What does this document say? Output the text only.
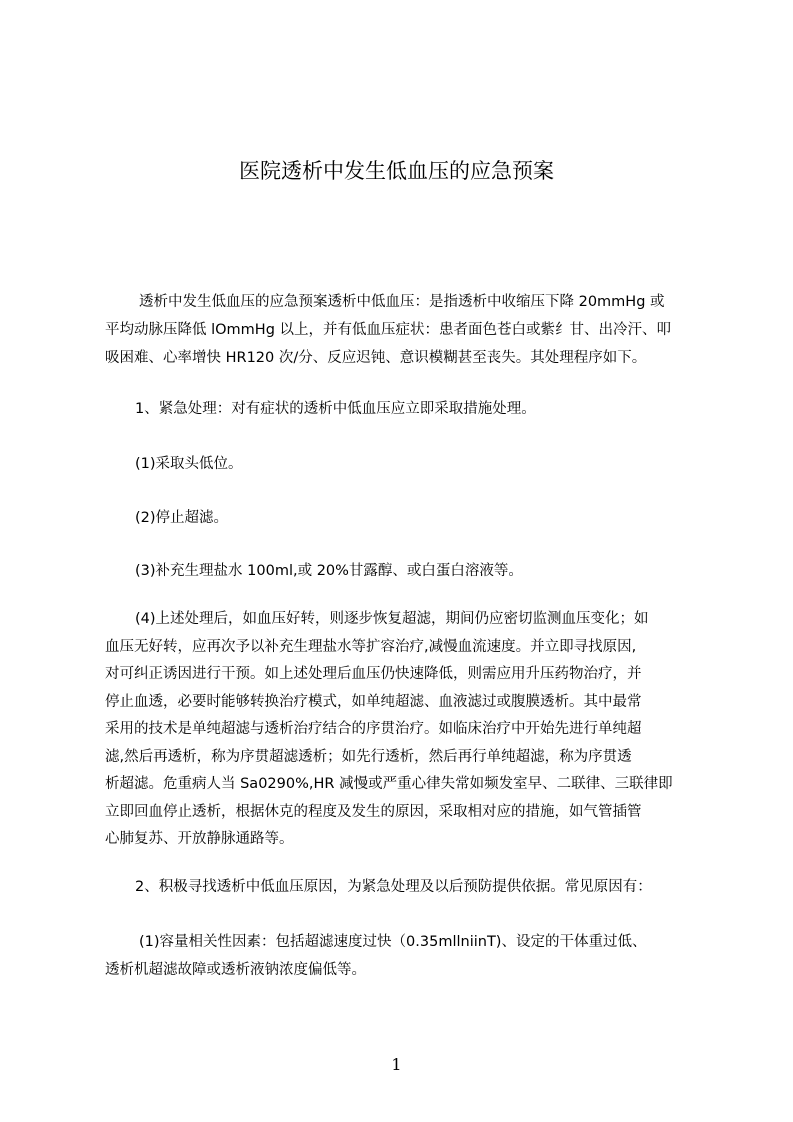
医院透析中发生低血压的应急预案
透析中发生低血压的应急预案透析中低血压：是指透析中收缩压下降 20mmHg 或
平均动脉压降低 lOmmHg 以上，并有低血压症状：患者面色苍白或紫纟甘、出冷汗、叩
吸困难、心率增快 HR120 次/分、反应迟钝、意识模糊甚至丧失。其处理程序如下。
1、紧急处理：对有症状的透析中低血压应立即采取措施处理。
(1)采取头低位。
(2)停止超滤。
(3)补充生理盐水 100ml,或 20%甘露醇、或白蛋白溶液等。
(4)上述处理后，如血压好转，则逐步恢复超滤，期间仍应密切监测血压变化；如
血压无好转，应再次予以补充生理盐水等扩容治疗,减慢血流速度。并立即寻找原因,
对可纠正诱因进行干预。如上述处理后血压仍快速降低，则需应用升压药物治疗，并
停止血透，必要时能够转换治疗模式，如单纯超滤、血液滤过或腹膜透析。其中最常
采用的技术是单纯超滤与透析治疗结合的序贯治疗。如临床治疗中开始先进行单纯超
滤,然后再透析，称为序贯超滤透析；如先行透析，然后再行单纯超滤，称为序贯透
析超滤。危重病人当 Sa0290%,HR 减慢或严重心律失常如频发室早、二联律、三联律即
立即回血停止透析，根据休克的程度及发生的原因，采取相对应的措施，如气管插管
心肺复苏、开放静脉通路等。
2、积极寻找透析中低血压原因，为紧急处理及以后预防提供依据。常见原因有：
(1)容量相关性因素：包括超滤速度过快（0.35mllniinT)、设定的干体重过低、
透析机超滤故障或透析液钠浓度偏低等。
1
